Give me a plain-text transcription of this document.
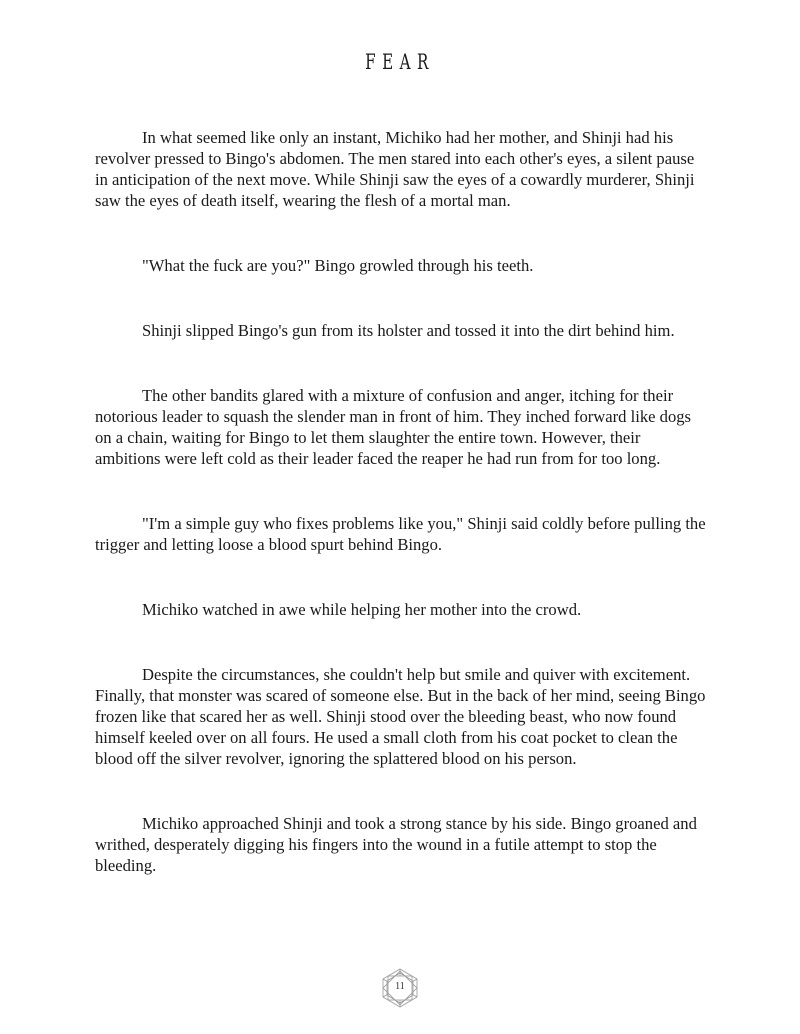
FEAR

In what seemed like only an instant, Michiko had her mother, and Shinji had his revolver pressed to Bingo's abdomen. The men stared into each other's eyes, a silent pause in anticipation of the next move. While Shinji saw the eyes of a cowardly murderer, Shinji saw the eyes of death itself, wearing the flesh of a mortal man.

"What the fuck are you?" Bingo growled through his teeth.

Shinji slipped Bingo's gun from its holster and tossed it into the dirt behind him.

The other bandits glared with a mixture of confusion and anger, itching for their notorious leader to squash the slender man in front of him. They inched forward like dogs on a chain, waiting for Bingo to let them slaughter the entire town. However, their ambitions were left cold as their leader faced the reaper he had run from for too long.

"I'm a simple guy who fixes problems like you," Shinji said coldly before pulling the trigger and letting loose a blood spurt behind Bingo.

Michiko watched in awe while helping her mother into the crowd.

Despite the circumstances, she couldn't help but smile and quiver with excitement. Finally, that monster was scared of someone else. But in the back of her mind, seeing Bingo frozen like that scared her as well. Shinji stood over the bleeding beast, who now found himself keeled over on all fours. He used a small cloth from his coat pocket to clean the blood off the silver revolver, ignoring the splattered blood on his person.

Michiko approached Shinji and took a strong stance by his side. Bingo groaned and writhed, desperately digging his fingers into the wound in a futile attempt to stop the bleeding.

11
